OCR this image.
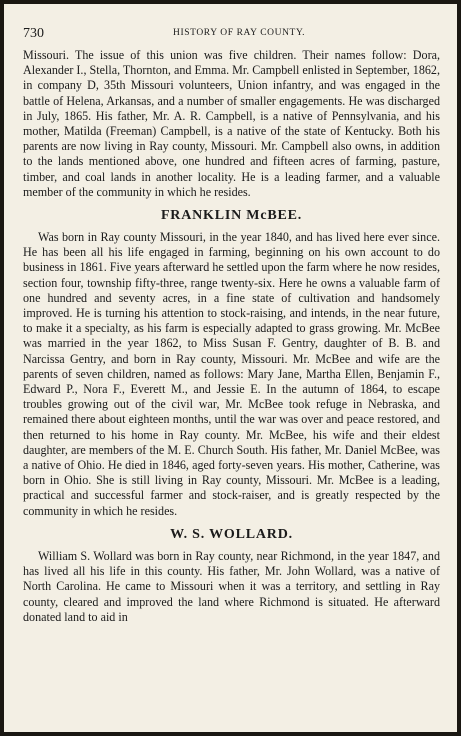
730	HISTORY OF RAY COUNTY.

Missouri. The issue of this union was five children. Their names follow: Dora, Alexander I., Stella, Thornton, and Emma. Mr. Campbell enlisted in September, 1862, in company D, 35th Missouri volunteers, Union infantry, and was engaged in the battle of Helena, Arkansas, and a number of smaller engagements. He was discharged in July, 1865. His father, Mr. A. R. Campbell, is a native of Pennsylvania, and his mother, Matilda (Freeman) Campbell, is a native of the state of Kentucky. Both his parents are now living in Ray county, Missouri. Mr. Campbell also owns, in addition to the lands mentioned above, one hundred and fifteen acres of farming, pasture, timber, and coal lands in another locality. He is a leading farmer, and a valuable member of the community in which he resides.

FRANKLIN McBEE.

Was born in Ray county Missouri, in the year 1840, and has lived here ever since. He has been all his life engaged in farming, beginning on his own account to do business in 1861. Five years afterward he settled upon the farm where he now resides, section four, township fifty-three, range twenty-six. Here he owns a valuable farm of one hundred and seventy acres, in a fine state of cultivation and handsomely improved. He is turning his attention to stock-raising, and intends, in the near future, to make it a specialty, as his farm is especially adapted to grass growing. Mr. McBee was married in the year 1862, to Miss Susan F. Gentry, daughter of B. B. and Narcissa Gentry, and born in Ray county, Missouri. Mr. McBee and wife are the parents of seven children, named as follows: Mary Jane, Martha Ellen, Benjamin F., Edward P., Nora F., Everett M., and Jessie E. In the autumn of 1864, to escape troubles growing out of the civil war, Mr. McBee took refuge in Nebraska, and remained there about eighteen months, until the war was over and peace restored, and then returned to his home in Ray county. Mr. McBee, his wife and their eldest daughter, are members of the M. E. Church South. His father, Mr. Daniel McBee, was a native of Ohio. He died in 1846, aged forty-seven years. His mother, Catherine, was born in Ohio. She is still living in Ray county, Missouri. Mr. McBee is a leading, practical and successful farmer and stock-raiser, and is greatly respected by the community in which he resides.

W. S. WOLLARD.

William S. Wollard was born in Ray county, near Richmond, in the year 1847, and has lived all his life in this county. His father, Mr. John Wollard, was a native of North Carolina. He came to Missouri when it was a territory, and settling in Ray county, cleared and improved the land where Richmond is situated. He afterward donated land to aid in
